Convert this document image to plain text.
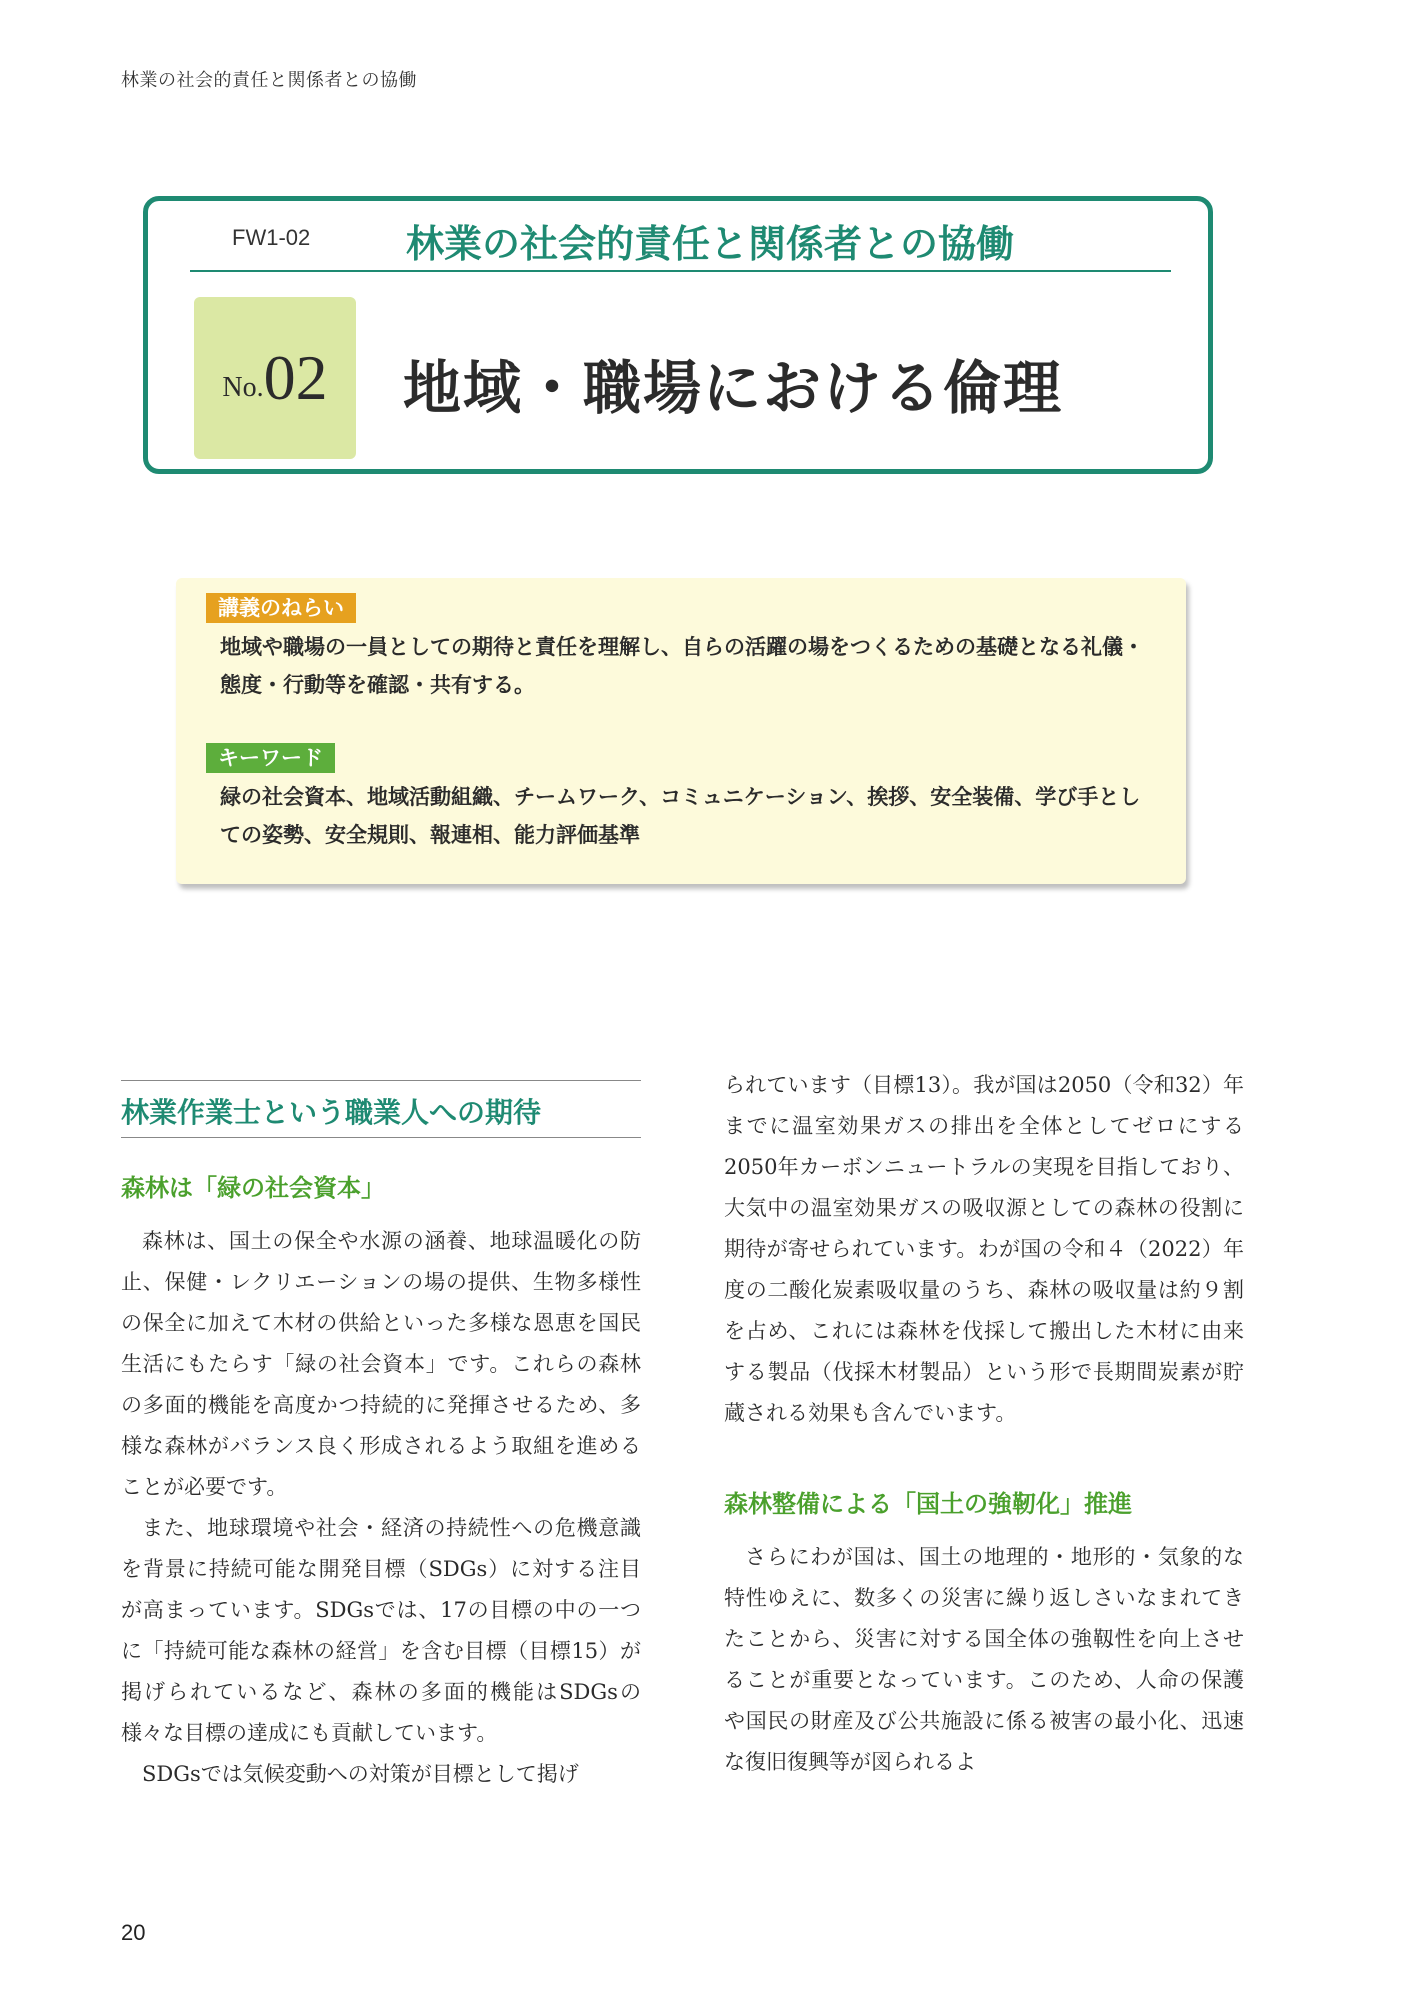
林業の社会的責任と関係者との協働
FW1-02	林業の社会的責任と関係者との協働
No. 02 地域・職場における倫理
講義のねらい

地域や職場の一員としての期待と責任を理解し、自らの活躍の場をつくるための基礎となる礼儀・態度・行動等を確認・共有する。

キーワード

緑の社会資本、地域活動組織、チームワーク、コミュニケーション、挨拶、安全装備、学び手としての姿勢、安全規則、報連相、能力評価基準

林業作業士という職業人への期待
森林は「緑の社会資本」

森林は、国土の保全や水源の涵養、地球温暖化の防止、保健・レクリエーションの場の提供、生物多様性の保全に加えて木材の供給といった多様な恩恵を国民生活にもたらす「緑の社会資本」です。これらの森林の多面的機能を高度かつ持続的に発揮させるため、多様な森林がバランス良く形成されるよう取組を進めることが必要です。

また、地球環境や社会・経済の持続性への危機意識を背景に持続可能な開発目標（SDGs）に対する注目が高まっています。SDGsでは、17の目標の中の一つに「持続可能な森林の経営」を含む目標（目標15）が掲げられているなど、森林の多面的機能はSDGsの様々な目標の達成にも貢献しています。

SDGsでは気候変動への対策が目標として掲げ

られています（目標13）。我が国は2050（令和32）年までに温室効果ガスの排出を全体としてゼロにする2050年カーボンニュートラルの実現を目指しており、大気中の温室効果ガスの吸収源としての森林の役割に期待が寄せられています。わが国の令和４（2022）年度の二酸化炭素吸収量のうち、森林の吸収量は約９割を占め、これには森林を伐採して搬出した木材に由来する製品（伐採木材製品）という形で長期間炭素が貯蔵される効果も含んでいます。

森林整備による「国土の強靭化」推進

さらにわが国は、国土の地理的・地形的・気象的な特性ゆえに、数多くの災害に繰り返しさいなまれてきたことから、災害に対する国全体の強靱性を向上させることが重要となっています。このため、人命の保護や国民の財産及び公共施設に係る被害の最小化、迅速な復旧復興等が図られるよ

20
